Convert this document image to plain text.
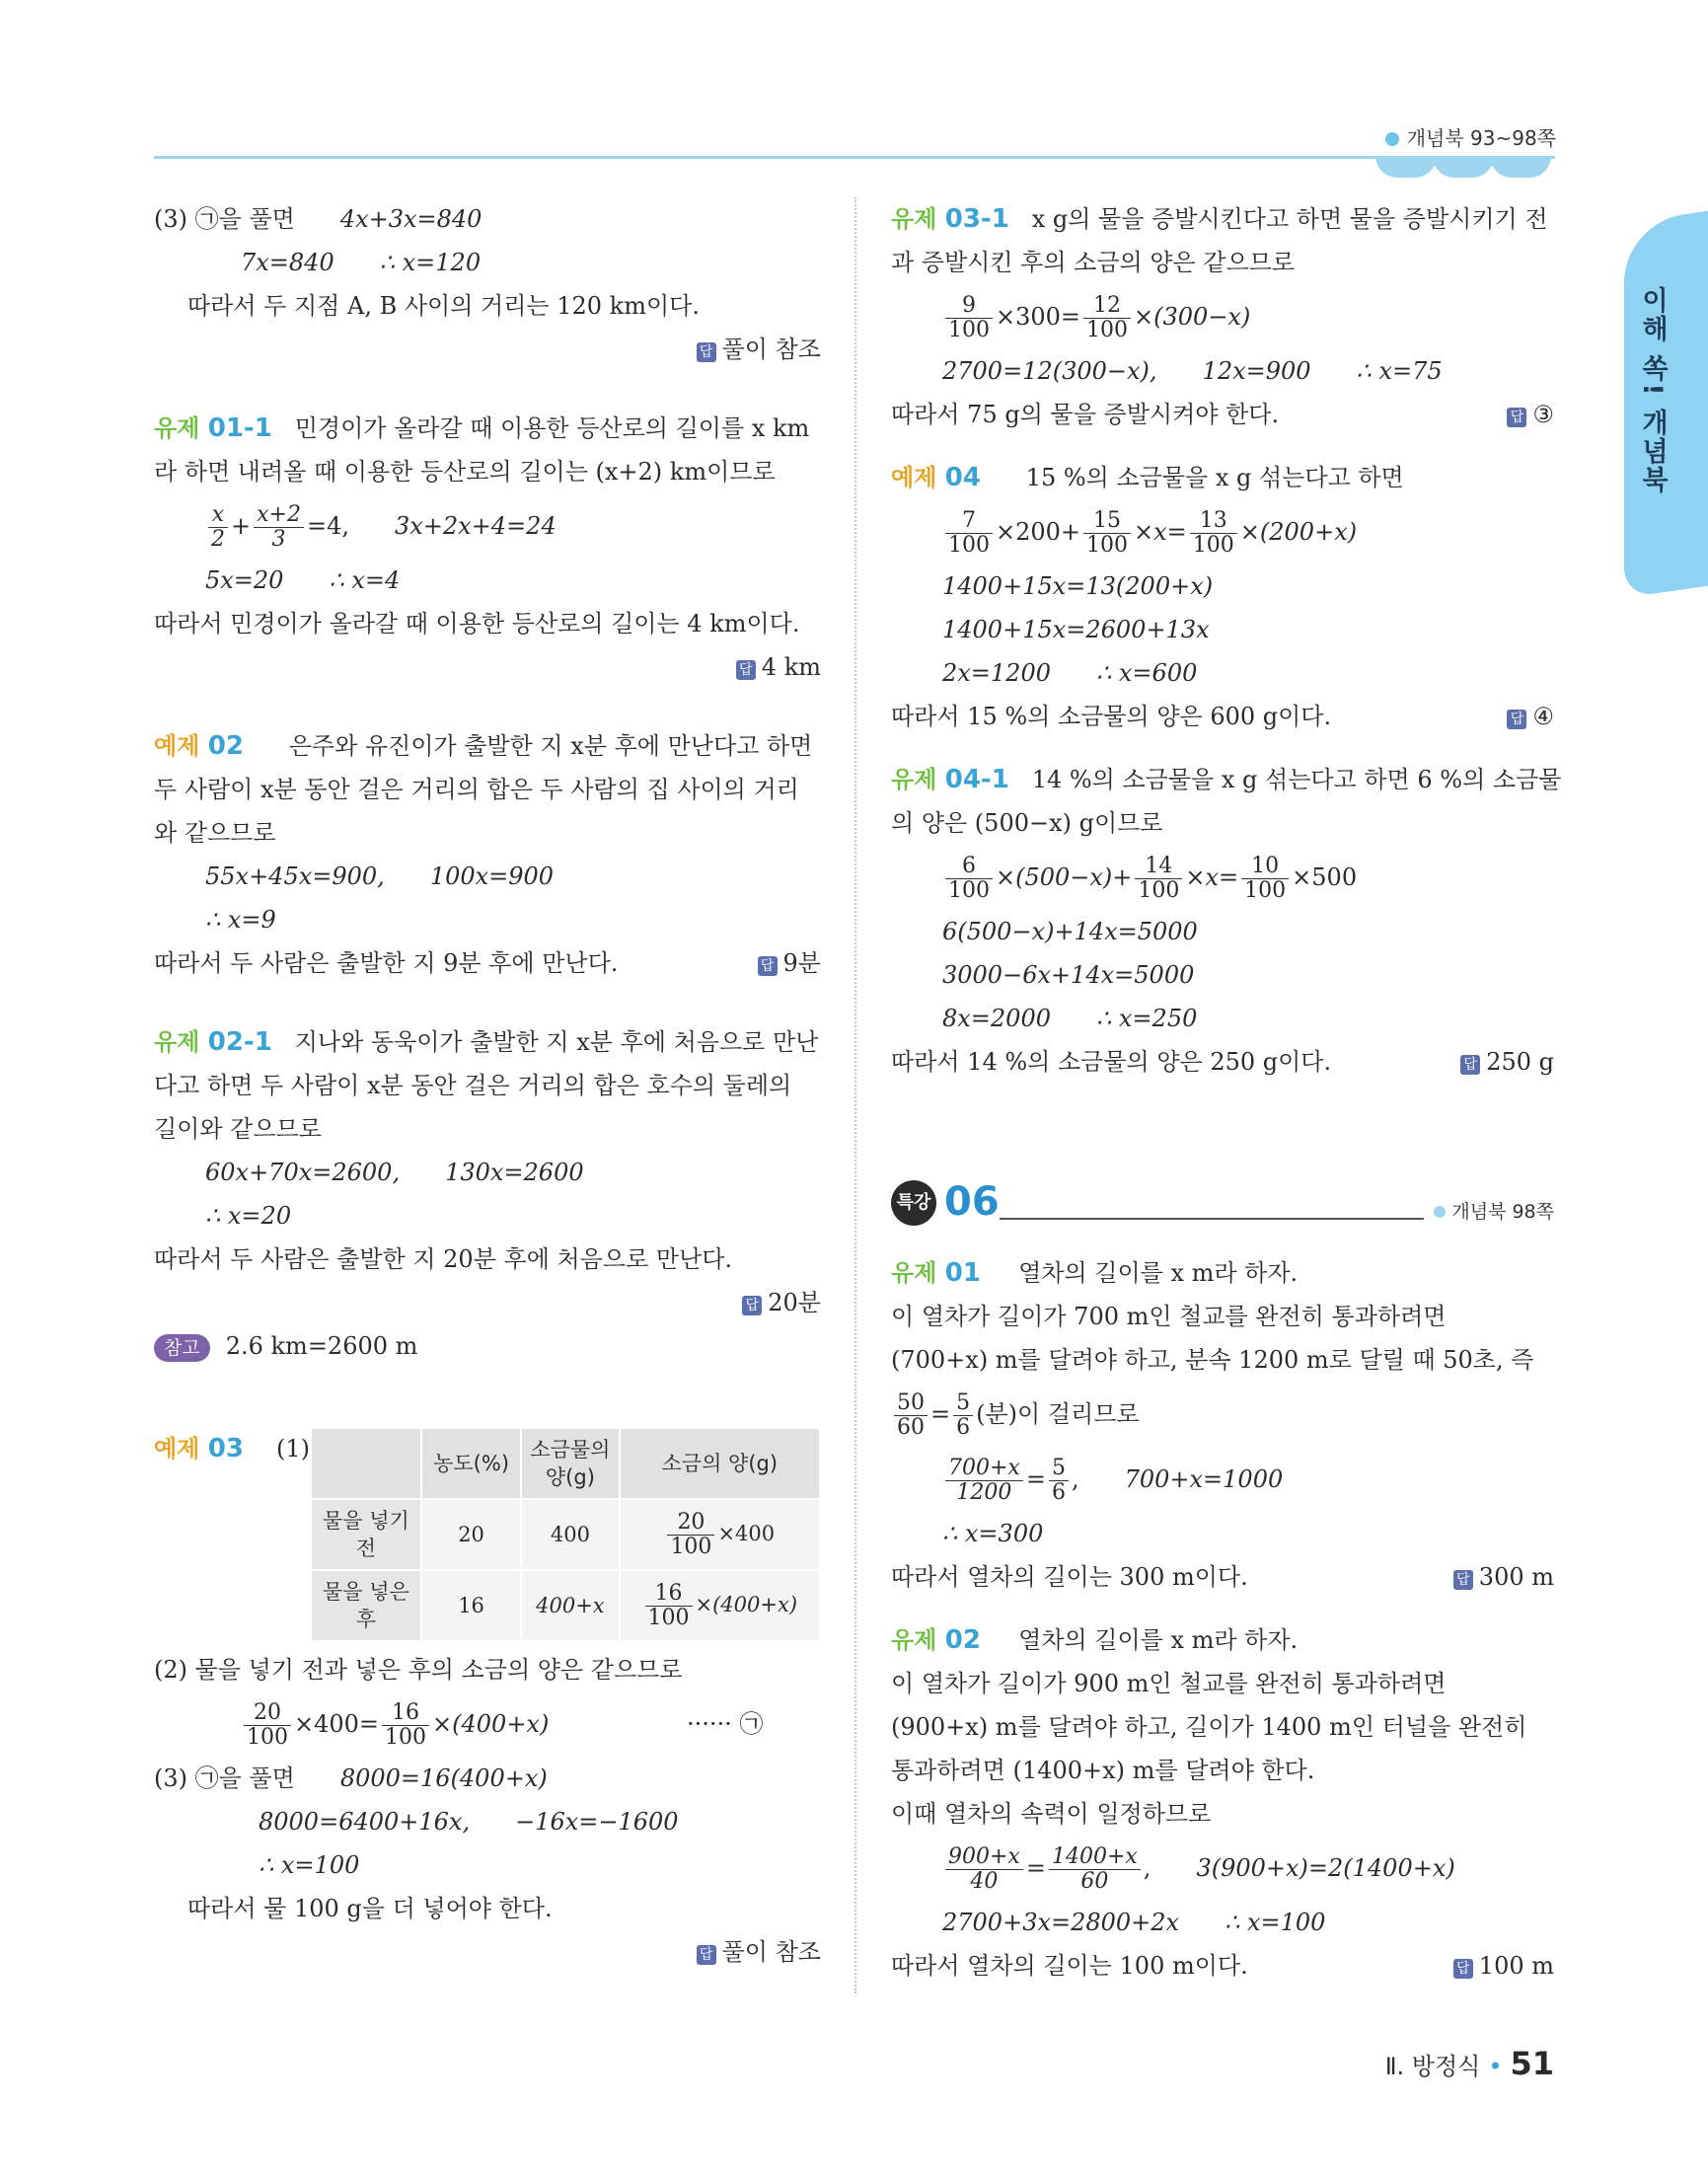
개념북 93~98쪽
이해 쏙! 개념북
(3) ㉠을 풀면 4x+3x=840
7x=840 ∴ x=120
따라서 두 지점 A, B 사이의 거리는 120 km이다.
답 풀이 참조
유제 01-1 민경이가 올라갈 때 이용한 등산로의 길이를 x km
라 하면 내려올 때 이용한 등산로의 길이는 (x+2) km이므로
$\frac{x}{2} + \frac{x+2}{3} =4$, 3x+2x+4=24
5x=20 ∴ x=4
따라서 민경이가 올라갈 때 이용한 등산로의 길이는 4 km이다.
답 4 km
예제 02 은주와 유진이가 출발한 지 x분 후에 만난다고 하면
두 사람이 x분 동안 걸은 거리의 합은 두 사람의 집 사이의 거리
와 같으므로
55x+45x=900, 100x=900
∴ x=9
따라서 두 사람은 출발한 지 9분 후에 만난다.	답 9분
유제 02-1 지나와 동욱이가 출발한 지 x분 후에 처음으로 만난
다고 하면 두 사람이 x분 동안 걸은 거리의 합은 호수의 둘레의
길이와 같으므로
60x+70x=2600, 130x=2600
∴ x=20
따라서 두 사람은 출발한 지 20분 후에 처음으로 만난다.
답 20분
참고 2.6 km=2600 m
예제 03 (1)
	농도(%)	소금물의 양(g)	소금의 양(g)
물을 넣기 전	20	400	$\frac{20}{100} \times 400$
물을 넣은 후	16	400+x	$\frac{16}{100} \times(400+x)$
(2) 물을 넣기 전과 넣은 후의 소금의 양은 같으므로
$\frac{20}{100} \times 400= \frac{16}{100} \times(400+x)$	······ ㉠
(3) ㉠을 풀면 8000=16(400+x)
8000=6400+16x, −16x=−1600
∴ x=100
따라서 물 100 g을 더 넣어야 한다.
답 풀이 참조
유제 03-1 x g의 물을 증발시킨다고 하면 물을 증발시키기 전
과 증발시킨 후의 소금의 양은 같으므로
$\frac{9}{100} \times 300= \frac{12}{100} \times(300-x)$
2700=12(300−x), 12x=900 ∴ x=75
따라서 75 g의 물을 증발시켜야 한다.	답 ③
예제 04 15 %의 소금물을 x g 섞는다고 하면
$\frac{7}{100} \times 200+ \frac{15}{100} \times x= \frac{13}{100} \times(200+x)$
1400+15x=13(200+x)
1400+15x=2600+13x
2x=1200 ∴ x=600
따라서 15 %의 소금물의 양은 600 g이다.	답 ④
유제 04-1 14 %의 소금물을 x g 섞는다고 하면 6 %의 소금물
의 양은 (500−x) g이므로
$\frac{6}{100} \times(500-x)+ \frac{14}{100} \times x= \frac{10}{100} \times 500$
6(500−x)+14x=5000
3000−6x+14x=5000
8x=2000 ∴ x=250
따라서 14 %의 소금물의 양은 250 g이다.	답 250 g
특강 06	개념북 98쪽
유제 01 열차의 길이를 x m라 하자.
이 열차가 길이가 700 m인 철교를 완전히 통과하려면
(700+x) m를 달려야 하고, 분속 1200 m로 달릴 때 50초, 즉
$\frac{50}{60} = \frac{5}{6}$ (분)이 걸리므로
$\frac{700+x}{1200} = \frac{5}{6}$ , 700+x=1000
∴ x=300
따라서 열차의 길이는 300 m이다.	답 300 m
유제 02 열차의 길이를 x m라 하자.
이 열차가 길이가 900 m인 철교를 완전히 통과하려면
(900+x) m를 달려야 하고, 길이가 1400 m인 터널을 완전히
통과하려면 (1400+x) m를 달려야 한다.
이때 열차의 속력이 일정하므로
$\frac{900+x}{40} = \frac{1400+x}{60}$ , 3(900+x)=2(1400+x)
2700+3x=2800+2x ∴ x=100
따라서 열차의 길이는 100 m이다.	답 100 m
Ⅱ. 방정식 • 51
